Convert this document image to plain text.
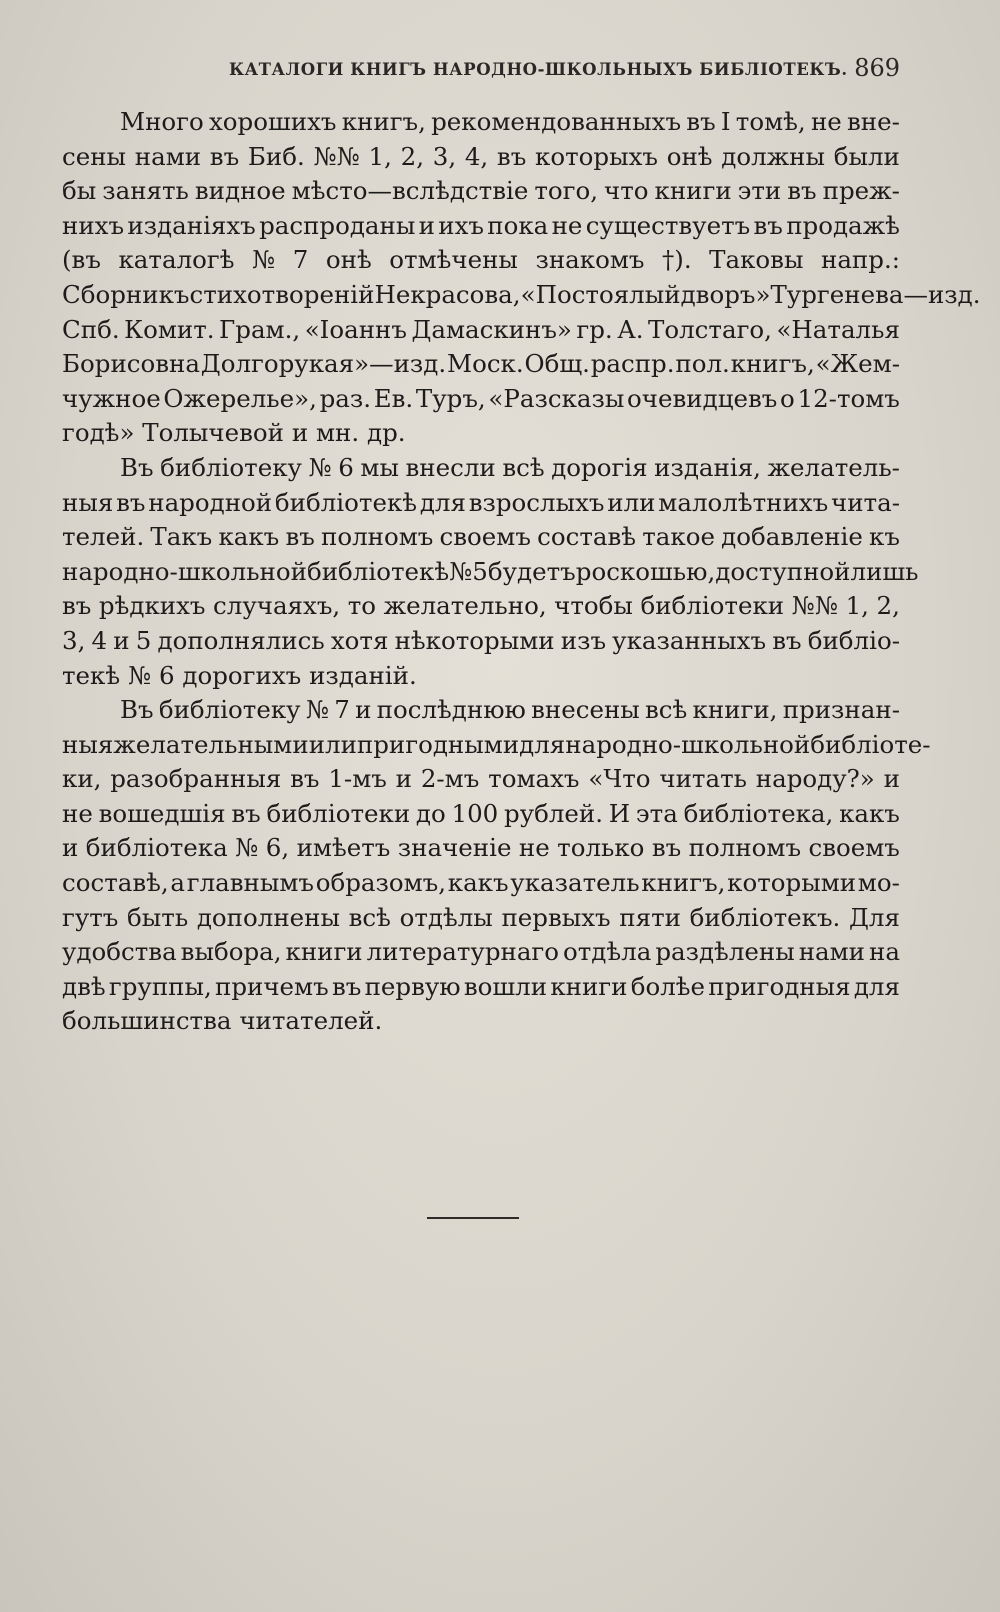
КАТАЛОГИ КНИГЪ НАРОДНО-ШКОЛЬНЫХЪ БИБЛІОТЕКЪ. 869
Много хорошихъ книгъ, рекомендованныхъ въ I томѣ, не вне-
сены нами въ Биб. №№ 1, 2, 3, 4, въ которыхъ онѣ должны были
бы занять видное мѣсто—вслѣдствіе того, что книги эти въ преж-
нихъ изданіяхъ распроданы и ихъ пока не существуетъ въ продажѣ
(въ каталогѣ № 7 онѣ отмѣчены знакомъ †). Таковы напр.:
Сборникъ стихотвореній Некрасова, «Постоялый дворъ» Тургенева—изд.
Спб. Комит. Грам., «Іоаннъ Дамаскинъ» гр. А. Толстаго, «Наталья
Борисовна Долгорукая»—изд. Моск. Общ. распр. пол. книгъ, «Жем-
чужное Ожерелье», раз. Ев. Туръ, «Разсказы очевидцевъ о 12-томъ
годѣ» Толычевой и мн. др.
Въ библіотеку № 6 мы внесли всѣ дорогія изданія, желатель-
ныя въ народной библіотекѣ для взрослыхъ или малолѣтнихъ чита-
телей. Такъ какъ въ полномъ своемъ составѣ такое добавленіе къ
народно-школьной библіотекѣ № 5 будетъ роскошью, доступной лишь
въ рѣдкихъ случаяхъ, то желательно, чтобы библіотеки №№ 1, 2,
3, 4 и 5 дополнялись хотя нѣкоторыми изъ указанныхъ въ библіо-
текѣ № 6 дорогихъ изданій.
Въ библіотеку № 7 и послѣднюю внесены всѣ книги, признан-
ныя желательными или пригодными для народно-школьной библіоте-
ки, разобранныя въ 1-мъ и 2-мъ томахъ «Что читать народу?» и
не вошедшія въ библіотеки до 100 рублей. И эта библіотека, какъ
и библіотека № 6, имѣетъ значеніе не только въ полномъ своемъ
составѣ, а главнымъ образомъ, какъ указатель книгъ, которыми мо-
гутъ быть дополнены всѣ отдѣлы первыхъ пяти библіотекъ. Для
удобства выбора, книги литературнаго отдѣла раздѣлены нами на
двѣ группы, причемъ въ первую вошли книги болѣе пригодныя для
большинства читателей.
